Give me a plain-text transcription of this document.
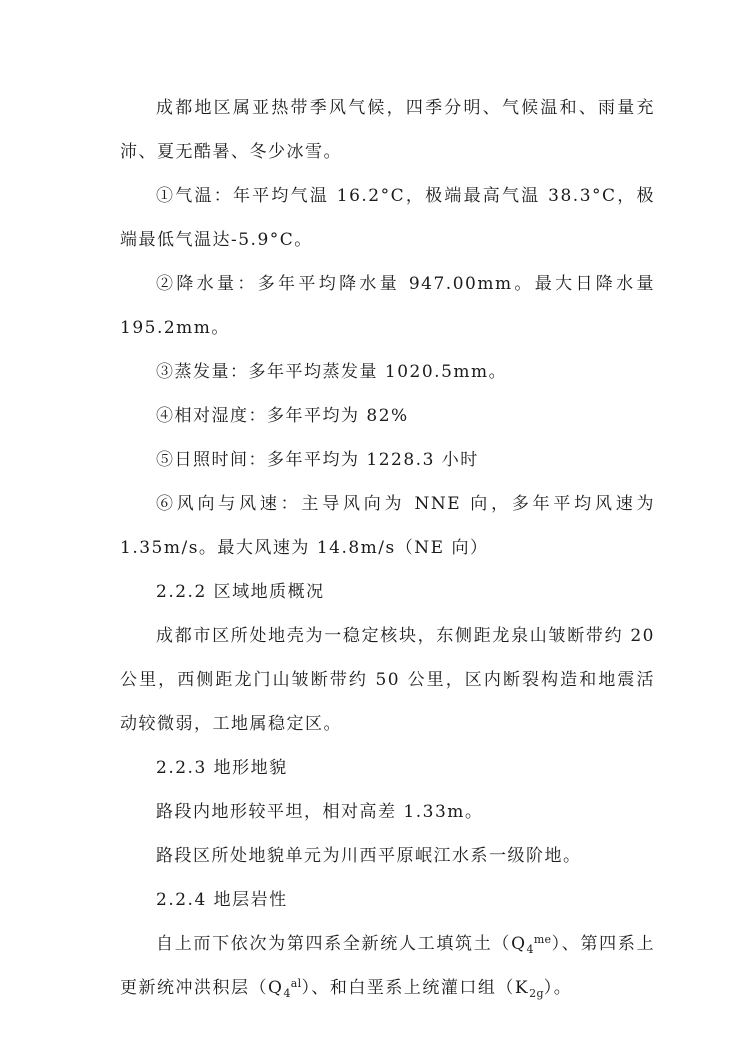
成都地区属亚热带季风气候，四季分明、气候温和、雨量充沛、夏无酷暑、冬少冰雪。

①气温：年平均气温 16.2°C，极端最高气温 38.3°C，极端最低气温达-5.9°C。

②降水量：多年平均降水量 947.00mm。最大日降水量 195.2mm。

③蒸发量：多年平均蒸发量 1020.5mm。

④相对湿度：多年平均为 82%

⑤日照时间：多年平均为 1228.3 小时

⑥风向与风速：主导风向为 NNE 向，多年平均风速为 1.35m/s。最大风速为 14.8m/s（NE 向）

2.2.2 区域地质概况

成都市区所处地壳为一稳定核块，东侧距龙泉山皱断带约 20 公里，西侧距龙门山皱断带约 50 公里，区内断裂构造和地震活动较微弱，工地属稳定区。

2.2.3 地形地貌

路段内地形较平坦，相对高差 1.33m。

路段区所处地貌单元为川西平原岷江水系一级阶地。

2.2.4 地层岩性

自上而下依次为第四系全新统人工填筑土$(Q_4^{me})$、第四系上更新统冲洪积层$(Q_4^{al})$、和白垩系上统灌口组$(K_{2g})$。
